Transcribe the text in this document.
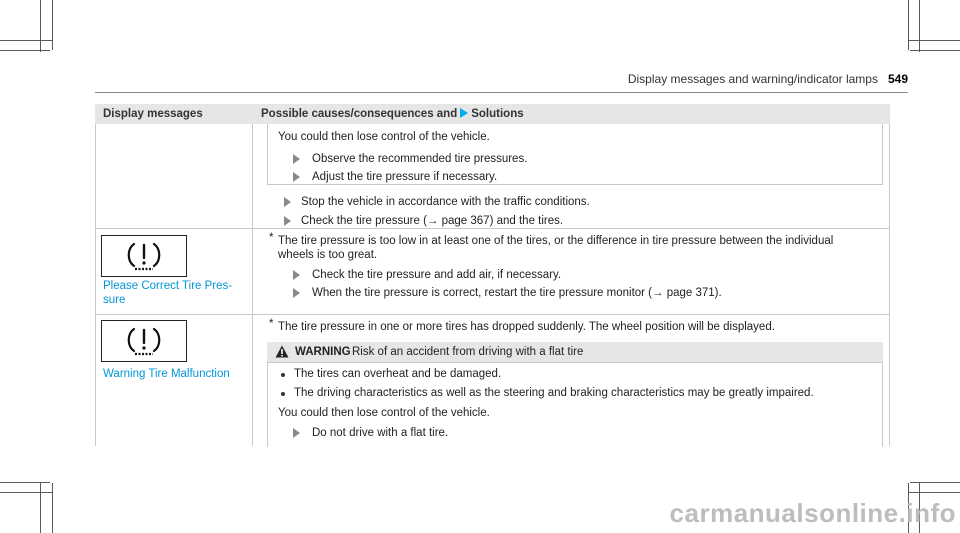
Display messages and warning/indicator lamps 549
Display messages	Possible causes/consequences and Solutions
You could then lose control of the vehicle.
Observe the recommended tire pressures.
Adjust the tire pressure if necessary.
Stop the vehicle in accordance with the traffic conditions.
Check the tire pressure (→ page 367) and the tires.
Please Correct Tire Pres-
sure
* The tire pressure is too low in at least one of the tires, or the difference in tire pressure between the individual
wheels is too great.
Check the tire pressure and add air, if necessary.
When the tire pressure is correct, restart the tire pressure monitor (→ page 371).
Warning Tire Malfunction
* The tire pressure in one or more tires has dropped suddenly. The wheel position will be displayed.
WARNING Risk of an accident from driving with a flat tire
The tires can overheat and be damaged.
The driving characteristics as well as the steering and braking characteristics may be greatly impaired.
You could then lose control of the vehicle.
Do not drive with a flat tire.
carmanualsonline.info
